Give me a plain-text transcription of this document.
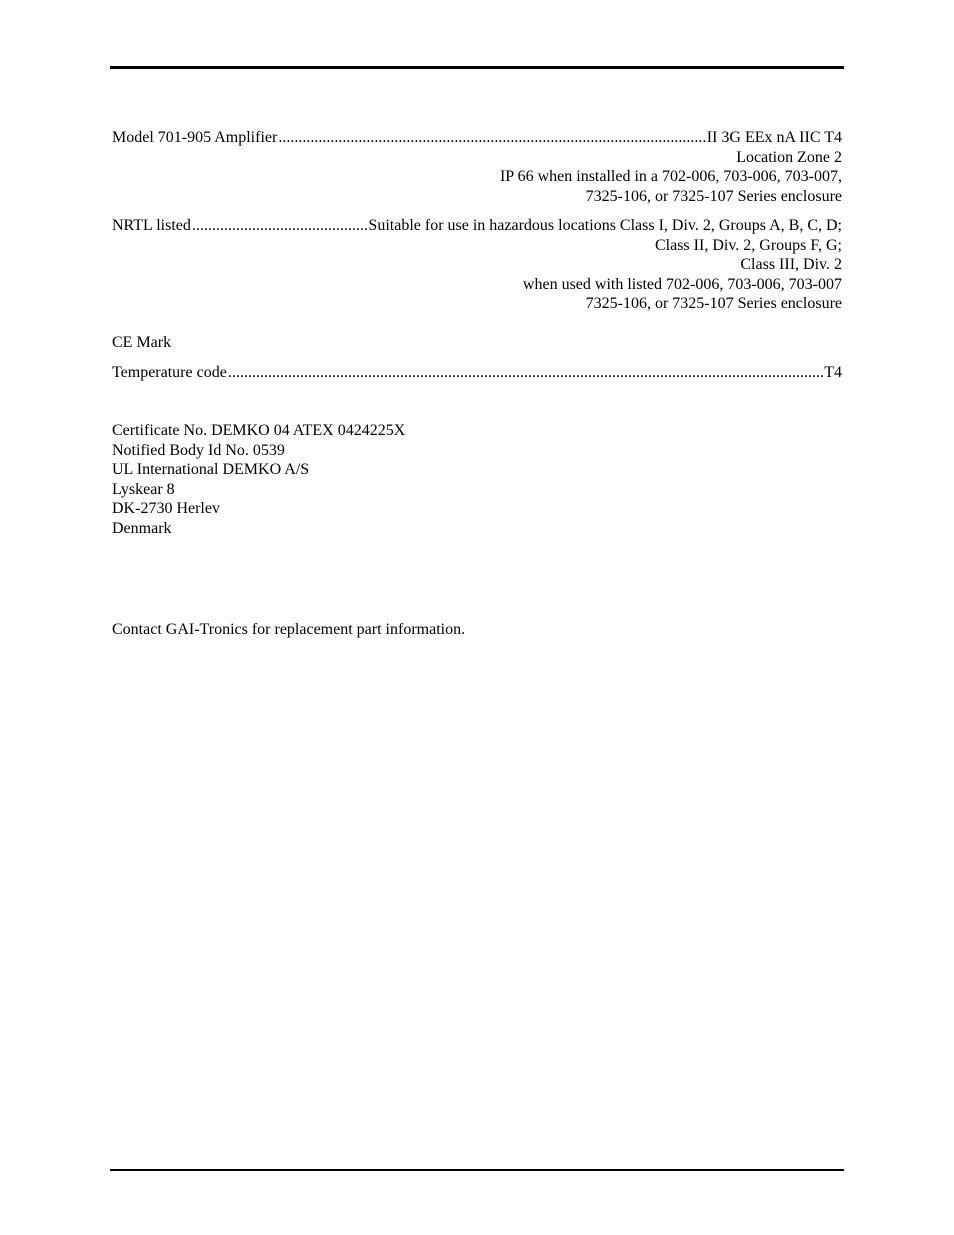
Model 701-905 Amplifier .....	II 3G EEx nA IIC T4
Location Zone 2
IP 66 when installed in a 702-006, 703-006, 703-007,
7325-106, or 7325-107 Series enclosure
NRTL listed .....	Suitable for use in hazardous locations Class I, Div. 2, Groups A, B, C, D;
Class II, Div. 2, Groups F, G;
Class III, Div. 2
when used with listed 702-006, 703-006, 703-007
7325-106, or 7325-107 Series enclosure
CE Mark
Temperature code .....	T4
Certificate No. DEMKO 04 ATEX 0424225X
Notified Body Id No. 0539
UL International DEMKO A/S
Lyskear 8
DK-2730 Herlev
Denmark
Contact GAI-Tronics for replacement part information.
